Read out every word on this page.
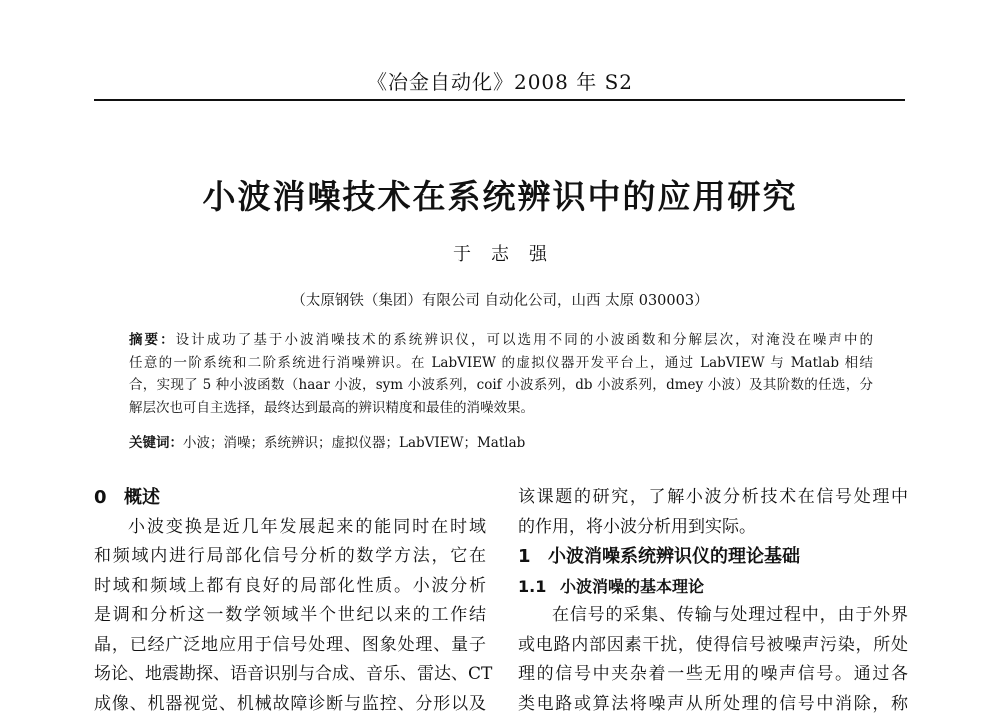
《冶金自动化》2008 年 S2
小波消噪技术在系统辨识中的应用研究
于志强
（太原钢铁（集团）有限公司 自动化公司，山西 太原 030003）
摘要：设计成功了基于小波消噪技术的系统辨识仪，可以选用不同的小波函数和分解层次，对淹没在噪声中的
任意的一阶系统和二阶系统进行消噪辨识。在 LabVIEW 的虚拟仪器开发平台上，通过 LabVIEW 与 Matlab 相结
合，实现了 5 种小波函数（haar 小波，sym 小波系列，coif 小波系列，db 小波系列，dmey 小波）及其阶数的任选，分
解层次也可自主选择，最终达到最高的辨识精度和最佳的消噪效果。
关键词：小波；消噪；系统辨识；虚拟仪器；LabVIEW；Matlab
0 概述
小波变换是近几年发展起来的能同时在时域
和频域内进行局部化信号分析的数学方法，它在
时域和频域上都有良好的局部化性质。小波分析
是调和分析这一数学领域半个世纪以来的工作结
晶，已经广泛地应用于信号处理、图象处理、量子
场论、地震勘探、语音识别与合成、音乐、雷达、CT
成像、机器视觉、机械故障诊断与监控、分形以及
该课题的研究，了解小波分析技术在信号处理中
的作用，将小波分析用到实际。
1 小波消噪系统辨识仪的理论基础
1.1 小波消噪的基本理论
在信号的采集、传输与处理过程中，由于外界
或电路内部因素干扰，使得信号被噪声污染，所处
理的信号中夹杂着一些无用的噪声信号。通过各
类电路或算法将噪声从所处理的信号中消除，称
